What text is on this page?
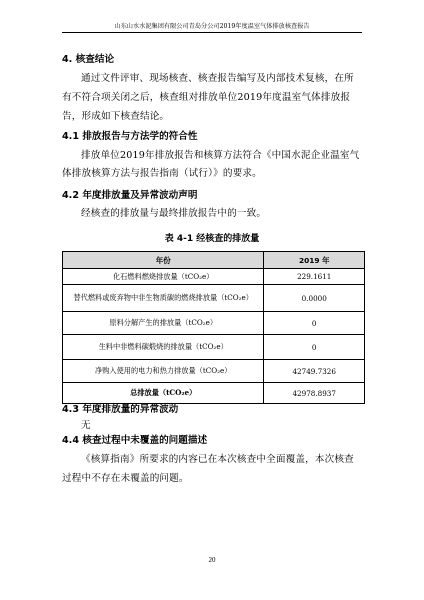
山东山水水泥集团有限公司青岛分公司2019年度温室气体排放核查报告
4. 核查结论
通过文件评审、现场核查、核查报告编写及内部技术复核，在所有不符合项关闭之后，核查组对排放单位2019年度温室气体排放报告，形成如下核查结论。
4.1 排放报告与方法学的符合性
排放单位2019年排放报告和核算方法符合《中国水泥企业温室气体排放核算方法与报告指南（试行）》的要求。
4.2 年度排放量及异常波动声明
经核查的排放量与最终排放报告中的一致。
表 4-1 经核查的排放量
年份	2019 年
化石燃料燃烧排放量（tCO₂e）	229.1611
替代燃料或废弃物中非生物质碳的燃烧排放量（tCO₂e）	0.0000
原料分解产生的排放量（tCO₂e）	0
生料中非燃料碳煅烧的排放量（tCO₂e）	0
净购入使用的电力和热力排放量（tCO₂e）	42749.7326
总排放量（tCO₂e）	42978.8937
4.3 年度排放量的异常波动
无
4.4 核查过程中未覆盖的问题描述
《核算指南》所要求的内容已在本次核查中全面覆盖，本次核查过程中不存在未覆盖的问题。
20
